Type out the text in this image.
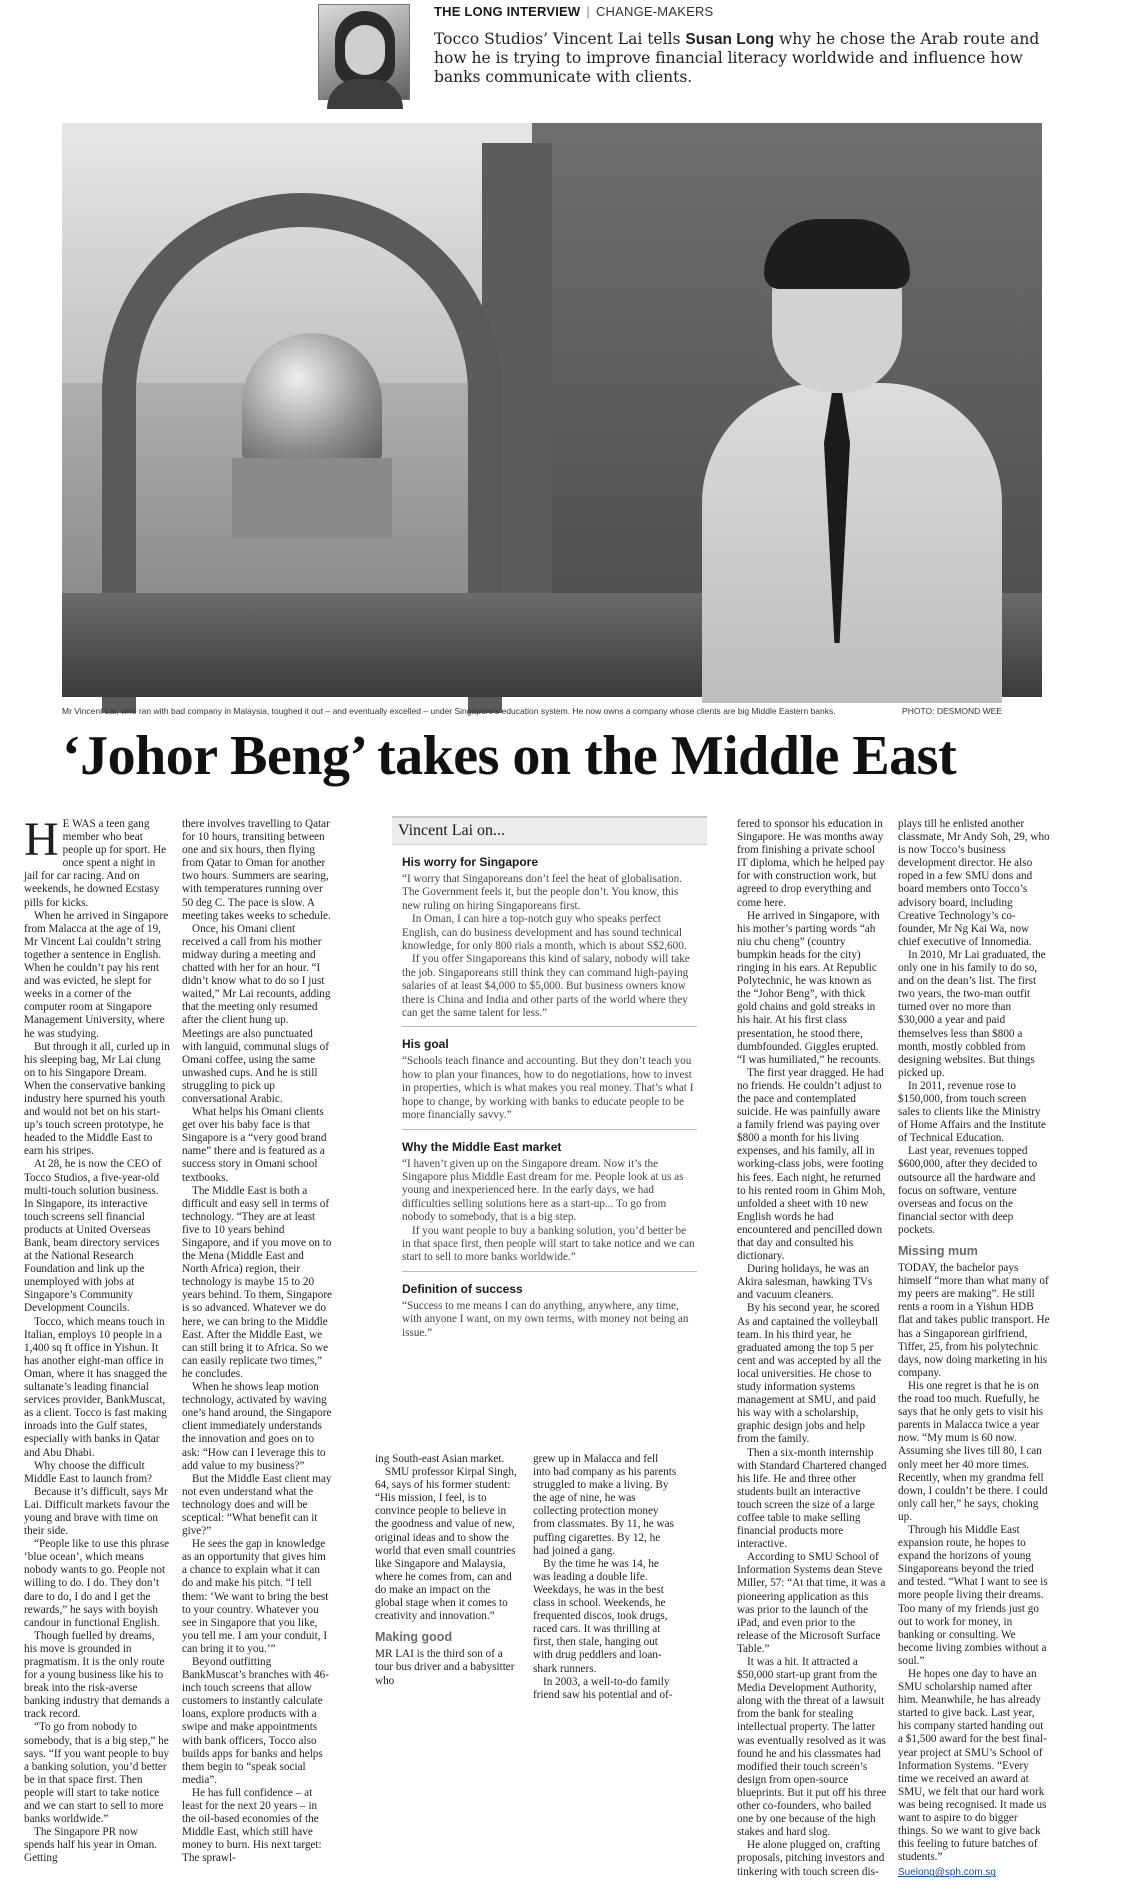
THE LONG INTERVIEW | CHANGE-MAKERS
Tocco Studios’ Vincent Lai tells Susan Long why he chose the Arab route and how he is trying to improve financial literacy worldwide and influence how banks communicate with clients.
Mr Vincent Lai, who ran with bad company in Malaysia, toughed it out – and eventually excelled – under Singapore’s education system. He now owns a company whose clients are big Middle Eastern banks.	PHOTO: DESMOND WEE
‘Johor Beng’ takes on the Middle East
H E WAS a teen gang member who beat people up for sport. He once spent a night in jail for car racing. And on weekends, he downed Ecstasy pills for kicks.

When he arrived in Singapore from Malacca at the age of 19, Mr Vincent Lai couldn’t string together a sentence in English. When he couldn’t pay his rent and was evicted, he slept for weeks in a corner of the computer room at Singapore Management University, where he was studying.

But through it all, curled up in his sleeping bag, Mr Lai clung on to his Singapore Dream. When the conservative banking industry here spurned his youth and would not bet on his start-up’s touch screen prototype, he headed to the Middle East to earn his stripes.

At 28, he is now the CEO of Tocco Studios, a five-year-old multi-touch solution business. In Singapore, its interactive touch screens sell financial products at United Overseas Bank, beam directory services at the National Research Foundation and link up the unemployed with jobs at Singapore’s Community Development Councils.

Tocco, which means touch in Italian, employs 10 people in a 1,400 sq ft office in Yishun. It has another eight-man office in Oman, where it has snagged the sultanate’s leading financial services provider, BankMuscat, as a client. Tocco is fast making inroads into the Gulf states, especially with banks in Qatar and Abu Dhabi.

Why choose the difficult Middle East to launch from?

Because it’s difficult, says Mr Lai. Difficult markets favour the young and brave with time on their side.

“People like to use this phrase ‘blue ocean’, which means nobody wants to go. People not willing to do. I do. They don’t dare to do, I do and I get the rewards,” he says with boyish candour in functional English.

Though fuelled by dreams, his move is grounded in pragmatism. It is the only route for a young business like his to break into the risk-averse banking industry that demands a track record.

“To go from nobody to somebody, that is a big step,” he says. “If you want people to buy a banking solution, you’d better be in that space first. Then people will start to take notice and we can start to sell to more banks worldwide.”

The Singapore PR now spends half his year in Oman. Getting

there involves travelling to Qatar for 10 hours, transiting between one and six hours, then flying from Qatar to Oman for another two hours. Summers are searing, with temperatures running over 50 deg C. The pace is slow. A meeting takes weeks to schedule.

Once, his Omani client received a call from his mother midway during a meeting and chatted with her for an hour. “I didn’t know what to do so I just waited,” Mr Lai recounts, adding that the meeting only resumed after the client hung up. Meetings are also punctuated with languid, communal slugs of Omani coffee, using the same unwashed cups. And he is still struggling to pick up conversational Arabic.

What helps his Omani clients get over his baby face is that Singapore is a “very good brand name” there and is featured as a success story in Omani school textbooks.

The Middle East is both a difficult and easy sell in terms of technology. “They are at least five to 10 years behind Singapore, and if you move on to the Mena (Middle East and North Africa) region, their technology is maybe 15 to 20 years behind. To them, Singapore is so advanced. Whatever we do here, we can bring to the Middle East. After the Middle East, we can still bring it to Africa. So we can easily replicate two times,” he concludes.

When he shows leap motion technology, activated by waving one’s hand around, the Singapore client immediately understands the innovation and goes on to ask: “How can I leverage this to add value to my business?”

But the Middle East client may not even understand what the technology does and will be sceptical: “What benefit can it give?”

He sees the gap in knowledge as an opportunity that gives him a chance to explain what it can do and make his pitch. “I tell them: ‘We want to bring the best to your country. Whatever you see in Singapore that you like, you tell me. I am your conduit, I can bring it to you.’”

Beyond outfitting BankMuscat’s branches with 46-inch touch screens that allow customers to instantly calculate loans, explore products with a swipe and make appointments with bank officers, Tocco also builds apps for banks and helps them begin to “speak social media”.

He has full confidence – at least for the next 20 years – in the oil-based economies of the Middle East, which still have money to burn. His next target: The sprawl-

Vincent Lai on...
His worry for Singapore

“I worry that Singaporeans don’t feel the heat of globalisation. The Government feels it, but the people don’t. You know, this new ruling on hiring Singaporeans first.

In Oman, I can hire a top-notch guy who speaks perfect English, can do business development and has sound technical knowledge, for only 800 rials a month, which is about S$2,600.

If you offer Singaporeans this kind of salary, nobody will take the job. Singaporeans still think they can command high-paying salaries of at least $4,000 to $5,000. But business owners know there is China and India and other parts of the world where they can get the same talent for less.”

His goal

“Schools teach finance and accounting. But they don’t teach you how to plan your finances, how to do negotiations, how to invest in properties, which is what makes you real money. That’s what I hope to change, by working with banks to educate people to be more financially savvy.”

Why the Middle East market

“I haven’t given up on the Singapore dream. Now it’s the Singapore plus Middle East dream for me. People look at us as young and inexperienced here. In the early days, we had difficulties selling solutions here as a start-up... To go from nobody to somebody, that is a big step.

If you want people to buy a banking solution, you’d better be in that space first, then people will start to take notice and we can start to sell to more banks worldwide.”

Definition of success

“Success to me means I can do anything, anywhere, any time, with anyone I want, on my own terms, with money not being an issue.”

ing South-east Asian market.

SMU professor Kirpal Singh, 64, says of his former student: “His mission, I feel, is to convince people to believe in the goodness and value of new, original ideas and to show the world that even small countries like Singapore and Malaysia, where he comes from, can and do make an impact on the global stage when it comes to creativity and innovation.”

Making good

MR LAI is the third son of a tour bus driver and a babysitter who

grew up in Malacca and fell into bad company as his parents struggled to make a living. By the age of nine, he was collecting protection money from classmates. By 11, he was puffing cigarettes. By 12, he had joined a gang.

By the time he was 14, he was leading a double life. Weekdays, he was in the best class in school. Weekends, he frequented discos, took drugs, raced cars. It was thrilling at first, then stale, hanging out with drug peddlers and loan-shark runners.

In 2003, a well-to-do family friend saw his potential and of-

fered to sponsor his education in Singapore. He was months away from finishing a private school IT diploma, which he helped pay for with construction work, but agreed to drop everything and come here.

He arrived in Singapore, with his mother’s parting words “ah niu chu cheng” (country bumpkin heads for the city) ringing in his ears. At Republic Polytechnic, he was known as the “Johor Beng”, with thick gold chains and gold streaks in his hair. At his first class presentation, he stood there, dumbfounded. Giggles erupted. “I was humiliated,” he recounts.

The first year dragged. He had no friends. He couldn’t adjust to the pace and contemplated suicide. He was painfully aware a family friend was paying over $800 a month for his living expenses, and his family, all in working-class jobs, were footing his fees. Each night, he returned to his rented room in Ghim Moh, unfolded a sheet with 10 new English words he had encountered and pencilled down that day and consulted his dictionary.

During holidays, he was an Akira salesman, hawking TVs and vacuum cleaners.

By his second year, he scored As and captained the volleyball team. In his third year, he graduated among the top 5 per cent and was accepted by all the local universities. He chose to study information systems management at SMU, and paid his way with a scholarship, graphic design jobs and help from the family.

Then a six-month internship with Standard Chartered changed his life. He and three other students built an interactive touch screen the size of a large coffee table to make selling financial products more interactive.

According to SMU School of Information Systems dean Steve Miller, 57: “At that time, it was a pioneering application as this was prior to the launch of the iPad, and even prior to the release of the Microsoft Surface Table.”

It was a hit. It attracted a $50,000 start-up grant from the Media Development Authority, along with the threat of a lawsuit from the bank for stealing intellectual property. The latter was eventually resolved as it was found he and his classmates had modified their touch screen’s design from open-source blueprints. But it put off his three other co-founders, who bailed one by one because of the high stakes and hard slog.

He alone plugged on, crafting proposals, pitching investors and tinkering with touch screen dis-

plays till he enlisted another classmate, Mr Andy Soh, 29, who is now Tocco’s business development director. He also roped in a few SMU dons and board members onto Tocco’s advisory board, including Creative Technology’s co-founder, Mr Ng Kai Wa, now chief executive of Innomedia.

In 2010, Mr Lai graduated, the only one in his family to do so, and on the dean’s list. The first two years, the two-man outfit turned over no more than $30,000 a year and paid themselves less than $800 a month, mostly cobbled from designing websites. But things picked up.

In 2011, revenue rose to $150,000, from touch screen sales to clients like the Ministry of Home Affairs and the Institute of Technical Education.

Last year, revenues topped $600,000, after they decided to outsource all the hardware and focus on software, venture overseas and focus on the financial sector with deep pockets.

Missing mum

TODAY, the bachelor pays himself “more than what many of my peers are making”. He still rents a room in a Yishun HDB flat and takes public transport. He has a Singaporean girlfriend, Tiffer, 25, from his polytechnic days, now doing marketing in his company.

His one regret is that he is on the road too much. Ruefully, he says that he only gets to visit his parents in Malacca twice a year now. “My mum is 60 now. Assuming she lives till 80, I can only meet her 40 more times. Recently, when my grandma fell down, I couldn’t be there. I could only call her,” he says, choking up.

Through his Middle East expansion route, he hopes to expand the horizons of young Singaporeans beyond the tried and tested. “What I want to see is more people living their dreams. Too many of my friends just go out to work for money, in banking or consulting. We become living zombies without a soul.”

He hopes one day to have an SMU scholarship named after him. Meanwhile, he has already started to give back. Last year, his company started handing out a $1,500 award for the best final-year project at SMU’s School of Information Systems. “Every time we received an award at SMU, we felt that our hard work was being recognised. It made us want to aspire to do bigger things. So we want to give back this feeling to future batches of students.”

Suelong@sph.com.sg
